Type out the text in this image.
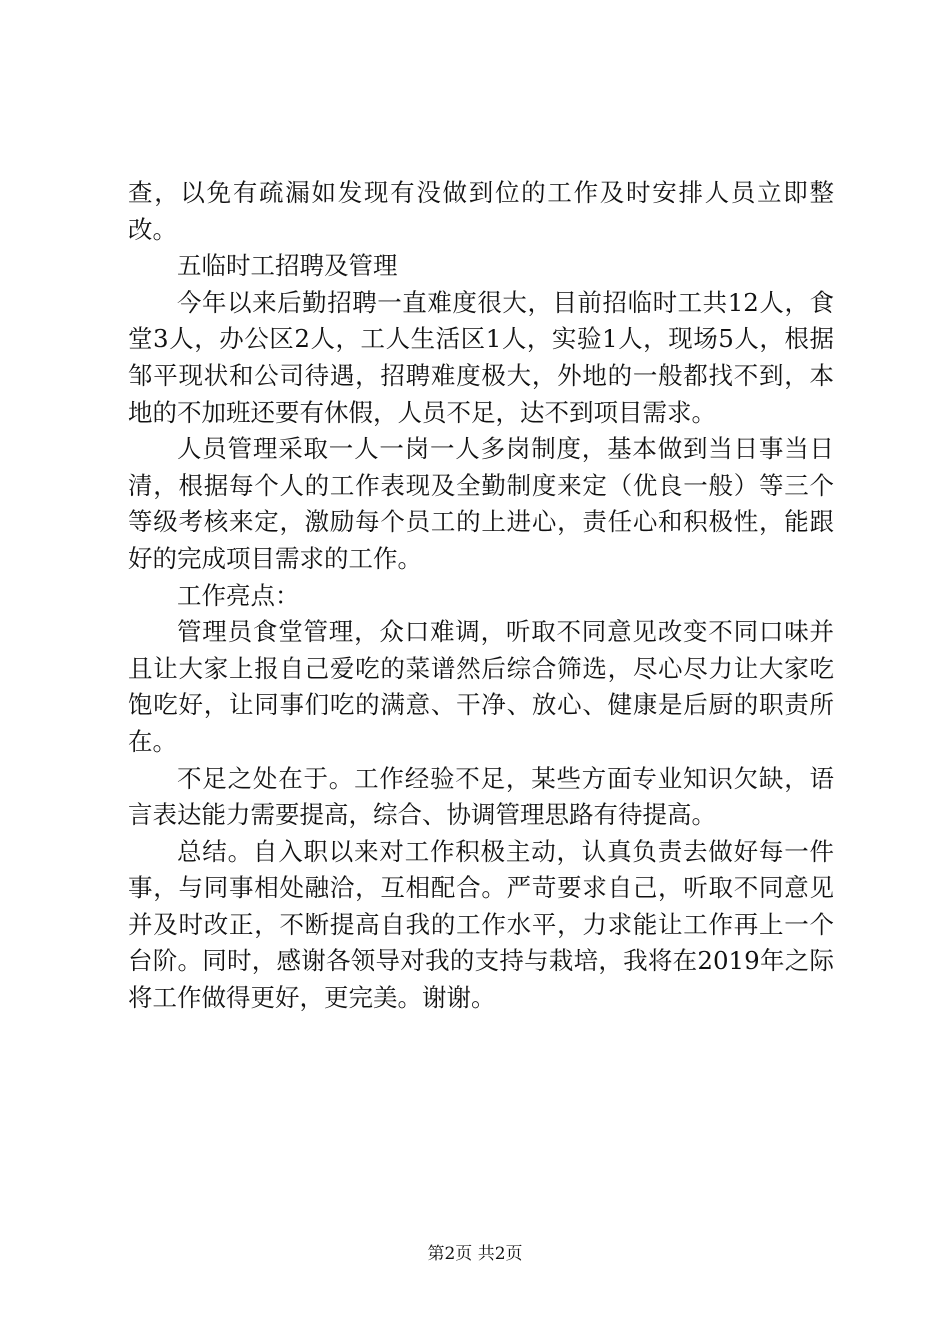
查，以免有疏漏如发现有没做到位的工作及时安排人员立即整改。

五临时工招聘及管理

今年以来后勤招聘一直难度很大，目前招临时工共12人，食堂3人，办公区2人，工人生活区1人，实验1人，现场5人，根据邹平现状和公司待遇，招聘难度极大，外地的一般都找不到，本地的不加班还要有休假，人员不足，达不到项目需求。

人员管理采取一人一岗一人多岗制度，基本做到当日事当日清，根据每个人的工作表现及全勤制度来定（优良一般）等三个等级考核来定，激励每个员工的上进心，责任心和积极性，能跟好的完成项目需求的工作。

工作亮点：

管理员食堂管理，众口难调，听取不同意见改变不同口味并且让大家上报自己爱吃的菜谱然后综合筛选，尽心尽力让大家吃饱吃好，让同事们吃的满意、干净、放心、健康是后厨的职责所在。

不足之处在于。工作经验不足，某些方面专业知识欠缺，语言表达能力需要提高，综合、协调管理思路有待提高。

总结。自入职以来对工作积极主动，认真负责去做好每一件事，与同事相处融洽，互相配合。严苛要求自己，听取不同意见并及时改正，不断提高自我的工作水平，力求能让工作再上一个台阶。同时，感谢各领导对我的支持与栽培，我将在2019年之际将工作做得更好，更完美。谢谢。

第2页 共2页
